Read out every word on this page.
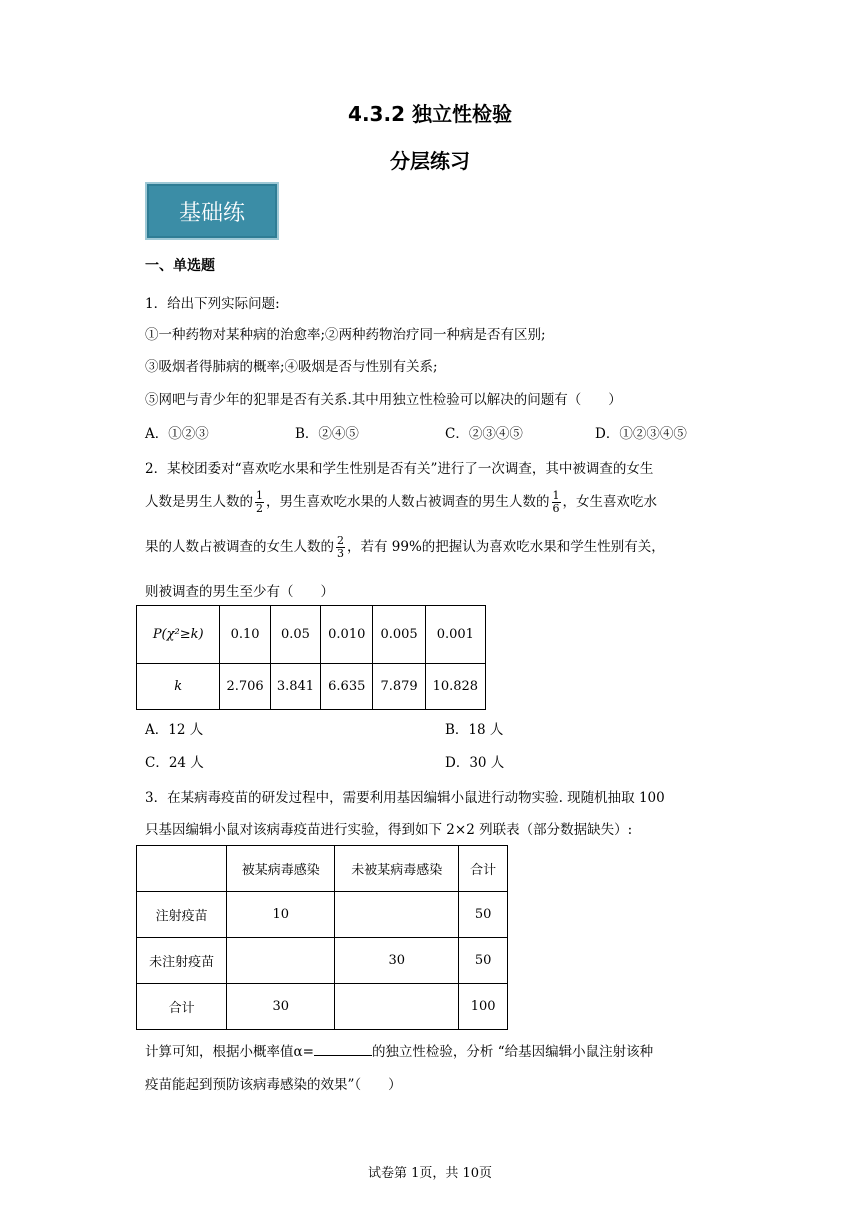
4.3.2 独立性检验
分层练习
基础练
一、单选题
1．给出下列实际问题:
①一种药物对某种病的治愈率;②两种药物治疗同一种病是否有区别;
③吸烟者得肺病的概率;④吸烟是否与性别有关系;
⑤网吧与青少年的犯罪是否有关系.其中用独立性检验可以解决的问题有（　　）
A．①②③	B．②④⑤	C．②③④⑤	D．①②③④⑤
2．某校团委对“喜欢吃水果和学生性别是否有关”进行了一次调查，其中被调查的女生
人数是男生人数的 $\frac{1}{2}$ ，男生喜欢吃水果的人数占被调查的男生人数的 $\frac{1}{6}$ ，女生喜欢吃水
果的人数占被调查的女生人数的 $\frac{2}{3}$ ，若有 99%的把握认为喜欢吃水果和学生性别有关，
则被调查的男生至少有（　　）
P(χ²≥k)	0.10	0.05	0.010	0.005	0.001
k	2.706	3.841	6.635	7.879	10.828
A．12 人	B．18 人
C．24 人	D．30 人
3．在某病毒疫苗的研发过程中，需要利用基因编辑小鼠进行动物实验. 现随机抽取 100
只基因编辑小鼠对该病毒疫苗进行实验，得到如下 2×2 列联表（部分数据缺失）:
	被某病毒感染	未被某病毒感染	合计
注射疫苗	10		50
未注射疫苗		30	50
合计	30		100
计算可知，根据小概率值α=	的独立性检验，分析 “给基因编辑小鼠注射该种
疫苗能起到预防该病毒感染的效果”（　　）
试卷第 1页，共 10页
